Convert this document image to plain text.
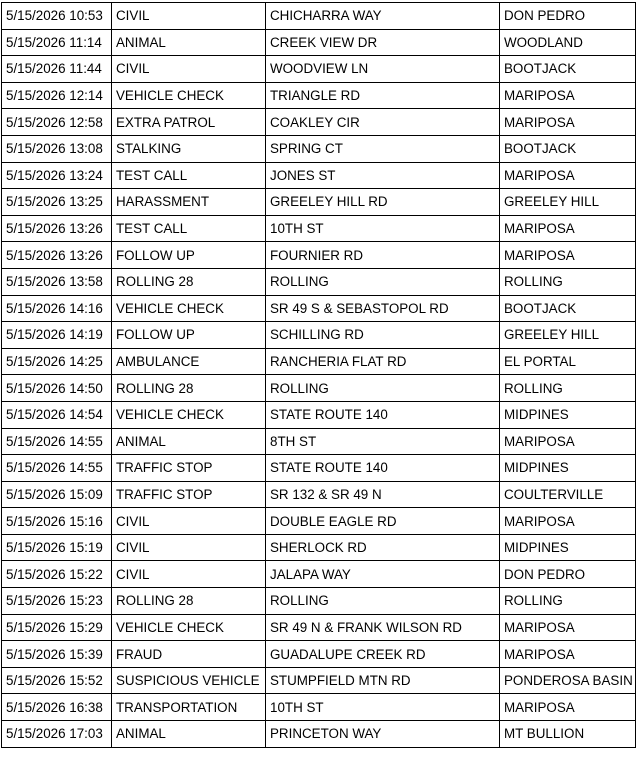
5/15/2026 10:53	CIVIL	CHICHARRA WAY	DON PEDRO
5/15/2026 11:14	ANIMAL	CREEK VIEW DR	WOODLAND
5/15/2026 11:44	CIVIL	WOODVIEW LN	BOOTJACK
5/15/2026 12:14	VEHICLE CHECK	TRIANGLE RD	MARIPOSA
5/15/2026 12:58	EXTRA PATROL	COAKLEY CIR	MARIPOSA
5/15/2026 13:08	STALKING	SPRING CT	BOOTJACK
5/15/2026 13:24	TEST CALL	JONES ST	MARIPOSA
5/15/2026 13:25	HARASSMENT	GREELEY HILL RD	GREELEY HILL
5/15/2026 13:26	TEST CALL	10TH ST	MARIPOSA
5/15/2026 13:26	FOLLOW UP	FOURNIER RD	MARIPOSA
5/15/2026 13:58	ROLLING 28	ROLLING	ROLLING
5/15/2026 14:16	VEHICLE CHECK	SR 49 S & SEBASTOPOL RD	BOOTJACK
5/15/2026 14:19	FOLLOW UP	SCHILLING RD	GREELEY HILL
5/15/2026 14:25	AMBULANCE	RANCHERIA FLAT RD	EL PORTAL
5/15/2026 14:50	ROLLING 28	ROLLING	ROLLING
5/15/2026 14:54	VEHICLE CHECK	STATE ROUTE 140	MIDPINES
5/15/2026 14:55	ANIMAL	8TH ST	MARIPOSA
5/15/2026 14:55	TRAFFIC STOP	STATE ROUTE 140	MIDPINES
5/15/2026 15:09	TRAFFIC STOP	SR 132 & SR 49 N	COULTERVILLE
5/15/2026 15:16	CIVIL	DOUBLE EAGLE RD	MARIPOSA
5/15/2026 15:19	CIVIL	SHERLOCK RD	MIDPINES
5/15/2026 15:22	CIVIL	JALAPA WAY	DON PEDRO
5/15/2026 15:23	ROLLING 28	ROLLING	ROLLING
5/15/2026 15:29	VEHICLE CHECK	SR 49 N & FRANK WILSON RD	MARIPOSA
5/15/2026 15:39	FRAUD	GUADALUPE CREEK RD	MARIPOSA
5/15/2026 15:52	SUSPICIOUS VEHICLE	STUMPFIELD MTN RD	PONDEROSA BASIN
5/15/2026 16:38	TRANSPORTATION	10TH ST	MARIPOSA
5/15/2026 17:03	ANIMAL	PRINCETON WAY	MT BULLION
